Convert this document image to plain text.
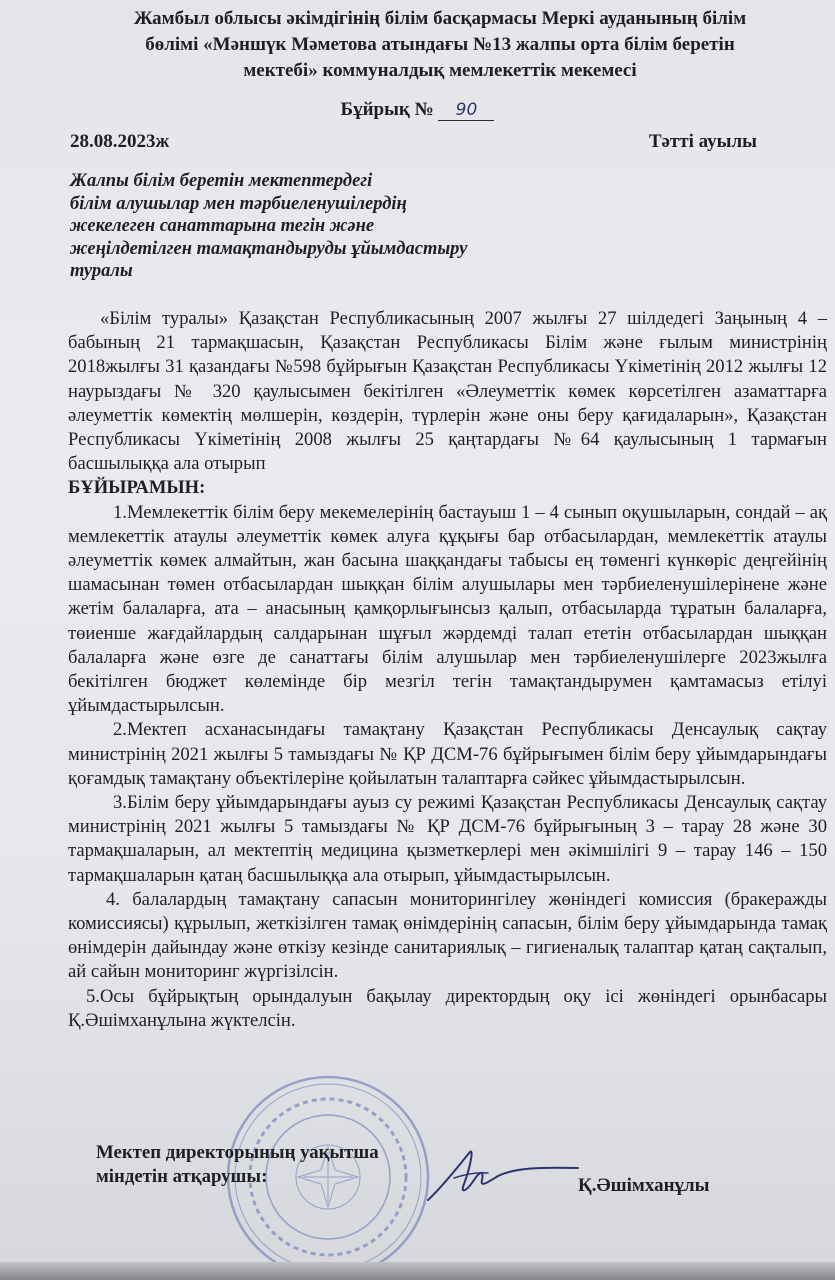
Жамбыл облысы әкімдігінің білім басқармасы Меркі ауданының білім
бөлімі «Мәншүк Мәметова атындағы №13 жалпы орта білім беретін
мектебі» коммуналдық мемлекеттік мекемесі
Бұйрық № 90
28.08.2023ж	Тәтті ауылы
Жалпы білім беретін мектептердегі
білім алушылар мен тәрбиеленушілердің
жекелеген санаттарына тегін және
жеңілдетілген тамақтандыруды ұйымдастыру
туралы

«Білім туралы» Қазақстан Республикасының 2007 жылғы 27 шілдедегі Заңының 4 – бабының 21 тармақшасын, Қазақстан Республикасы Білім және ғылым министрінің 2018жылғы 31 қазандағы №598 бұйрығын Қазақстан Республикасы Үкіметінің 2012 жылғы 12 наурыздағы № 320 қаулысымен бекітілген «Әлеуметтік көмек көрсетілген азаматтарға әлеуметтік көмектің мөлшерін, көздерін, түрлерін және оны беру қағидаларын», Қазақстан Республикасы Үкіметінің 2008 жылғы 25 қаңтардағы №64 қаулысының 1 тармағын басшылыққа ала отырып

БҰЙЫРАМЫН:

1.Мемлекеттік білім беру мекемелерінің бастауыш 1 – 4 сынып оқушыларын, сондай – ақ мемлекеттік атаулы әлеуметтік көмек алуға құқығы бар отбасылардан, мемлекеттік атаулы әлеуметтік көмек алмайтын, жан басына шаққандағы табысы ең төменгі күнкөріс деңгейінің шамасынан төмен отбасылардан шыққан білім алушылары мен тәрбиеленушілеріненe және жетім балаларға, ата – анасының қамқорлығынсыз қалып, отбасыларда тұратын балаларға, төиенше жағдайлардың салдарынан шұғыл жәрдемді талап ететін отбасылардан шыққан балаларға және өзге де санаттағы білім алушылар мен тәрбиеленушілерге 2023жылға бекітілген бюджет көлемінде бір мезгіл тегін тамақтандырумен қамтамасыз етілуі ұйымдастырылсын.

2.Мектеп асханасындағы тамақтану Қазақстан Республикасы Денсаулық сақтау министрінің 2021 жылғы 5 тамыздағы № ҚР ДСМ-76 бұйрығымен білім беру ұйымдарындағы қоғамдық тамақтану объектілеріне қойылатын талаптарға сәйкес ұйымдастырылсын.

3.Білім беру ұйымдарындағы ауыз су режимі Қазақстан Республикасы Денсаулық сақтау министрінің 2021 жылғы 5 тамыздағы № ҚР ДСМ-76 бұйрығының 3 – тарау 28 және 30 тармақшаларын, ал мектептің медицина қызметкерлері мен әкімшілігі 9 – тарау 146 – 150 тармақшаларын қатаң басшылыққа ала отырып, ұйымдастырылсын.

4. балалардың тамақтану сапасын мониторингілеу жөніндегі комиссия (бракеражды комиссиясы) құрылып, жеткізілген тамақ өнімдерінің сапасын, білім беру ұйымдарында тамақ өнімдерін дайындау және өткізу кезінде санитариялық – гигиеналық талаптар қатаң сақталып, ай сайын мониторинг жүргізілсін.

5.Осы бұйрықтың орындалуын бақылау директордың оқу ісі жөніндегі орынбасары Қ.Әшімханұлына жүктелсін.

Мектеп директорының уақытша
міндетін атқарушы:	Қ.Әшімханұлы
